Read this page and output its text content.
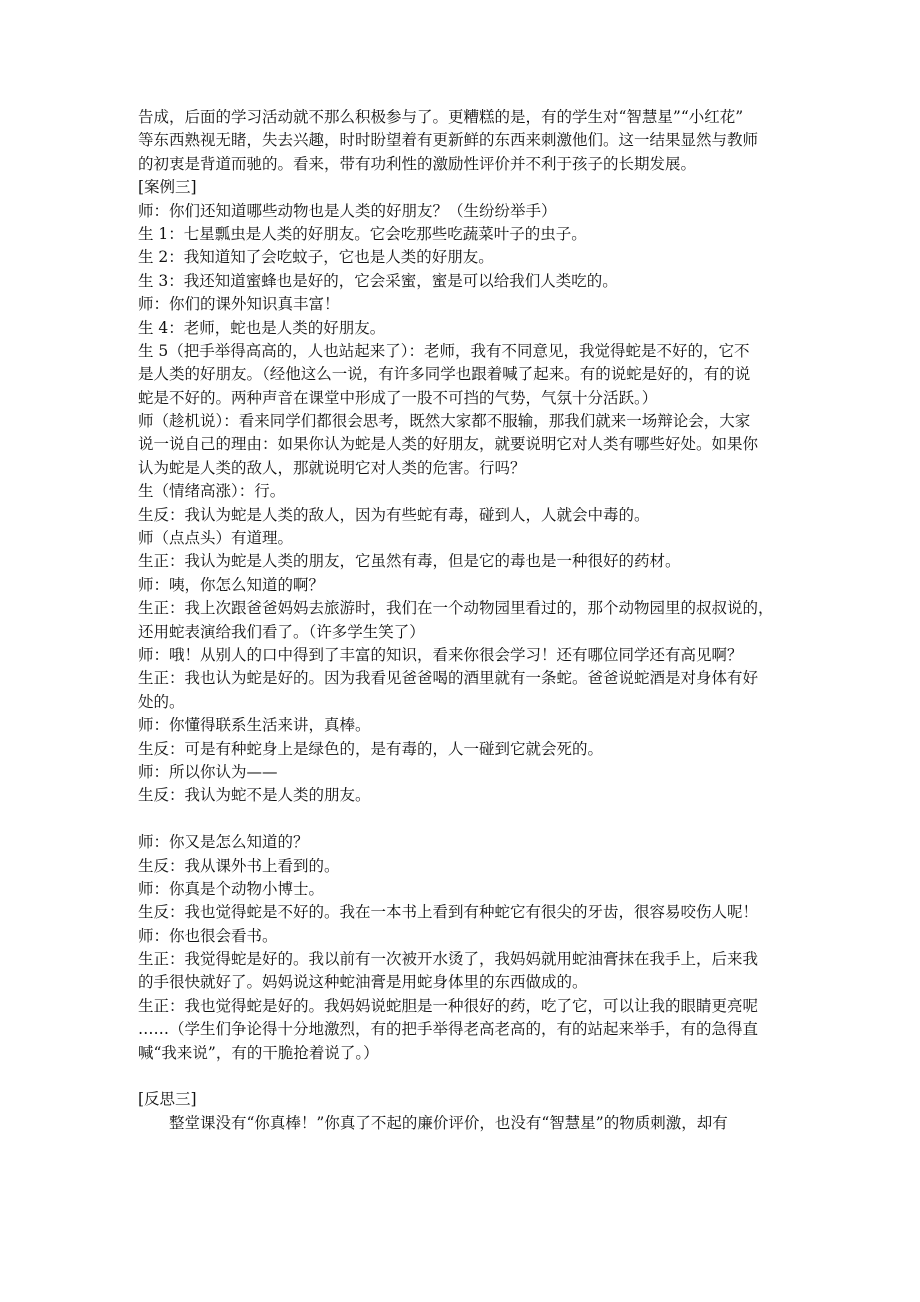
告成，后面的学习活动就不那么积极参与了。更糟糕的是，有的学生对“智慧星”“小红花”
等东西熟视无睹，失去兴趣，时时盼望着有更新鲜的东西来刺激他们。这一结果显然与教师
的初衷是背道而驰的。看来，带有功利性的激励性评价并不利于孩子的长期发展。
[案例三]
师：你们还知道哪些动物也是人类的好朋友？（生纷纷举手）
生 1：七星瓢虫是人类的好朋友。它会吃那些吃蔬菜叶子的虫子。
生 2：我知道知了会吃蚊子，它也是人类的好朋友。
生 3：我还知道蜜蜂也是好的，它会采蜜，蜜是可以给我们人类吃的。
师：你们的课外知识真丰富！
生 4：老师，蛇也是人类的好朋友。
生 5（把手举得高高的，人也站起来了）：老师，我有不同意见，我觉得蛇是不好的，它不
是人类的好朋友。（经他这么一说，有许多同学也跟着喊了起来。有的说蛇是好的，有的说
蛇是不好的。两种声音在课堂中形成了一股不可挡的气势，气氛十分活跃。）
师（趁机说）：看来同学们都很会思考，既然大家都不服输，那我们就来一场辩论会，大家
说一说自己的理由：如果你认为蛇是人类的好朋友，就要说明它对人类有哪些好处。如果你
认为蛇是人类的敌人，那就说明它对人类的危害。行吗？
生（情绪高涨）：行。
生反：我认为蛇是人类的敌人，因为有些蛇有毒，碰到人，人就会中毒的。
师（点点头）有道理。
生正：我认为蛇是人类的朋友，它虽然有毒，但是它的毒也是一种很好的药材。
师：咦，你怎么知道的啊？
生正：我上次跟爸爸妈妈去旅游时，我们在一个动物园里看过的，那个动物园里的叔叔说的，
还用蛇表演给我们看了。（许多学生笑了）
师：哦！从别人的口中得到了丰富的知识，看来你很会学习！还有哪位同学还有高见啊？
生正：我也认为蛇是好的。因为我看见爸爸喝的酒里就有一条蛇。爸爸说蛇酒是对身体有好
处的。
师：你懂得联系生活来讲，真棒。
生反：可是有种蛇身上是绿色的，是有毒的，人一碰到它就会死的。
师：所以你认为——
生反：我认为蛇不是人类的朋友。
师：你又是怎么知道的？
生反：我从课外书上看到的。
师：你真是个动物小博士。
生反：我也觉得蛇是不好的。我在一本书上看到有种蛇它有很尖的牙齿，很容易咬伤人呢！
师：你也很会看书。
生正：我觉得蛇是好的。我以前有一次被开水烫了，我妈妈就用蛇油膏抹在我手上，后来我
的手很快就好了。妈妈说这种蛇油膏是用蛇身体里的东西做成的。
生正：我也觉得蛇是好的。我妈妈说蛇胆是一种很好的药，吃了它，可以让我的眼睛更亮呢
……（学生们争论得十分地激烈，有的把手举得老高老高的，有的站起来举手，有的急得直
喊“我来说”，有的干脆抢着说了。）
[反思三]
整堂课没有“你真棒！”你真了不起的廉价评价，也没有“智慧星”的物质刺激，却有
